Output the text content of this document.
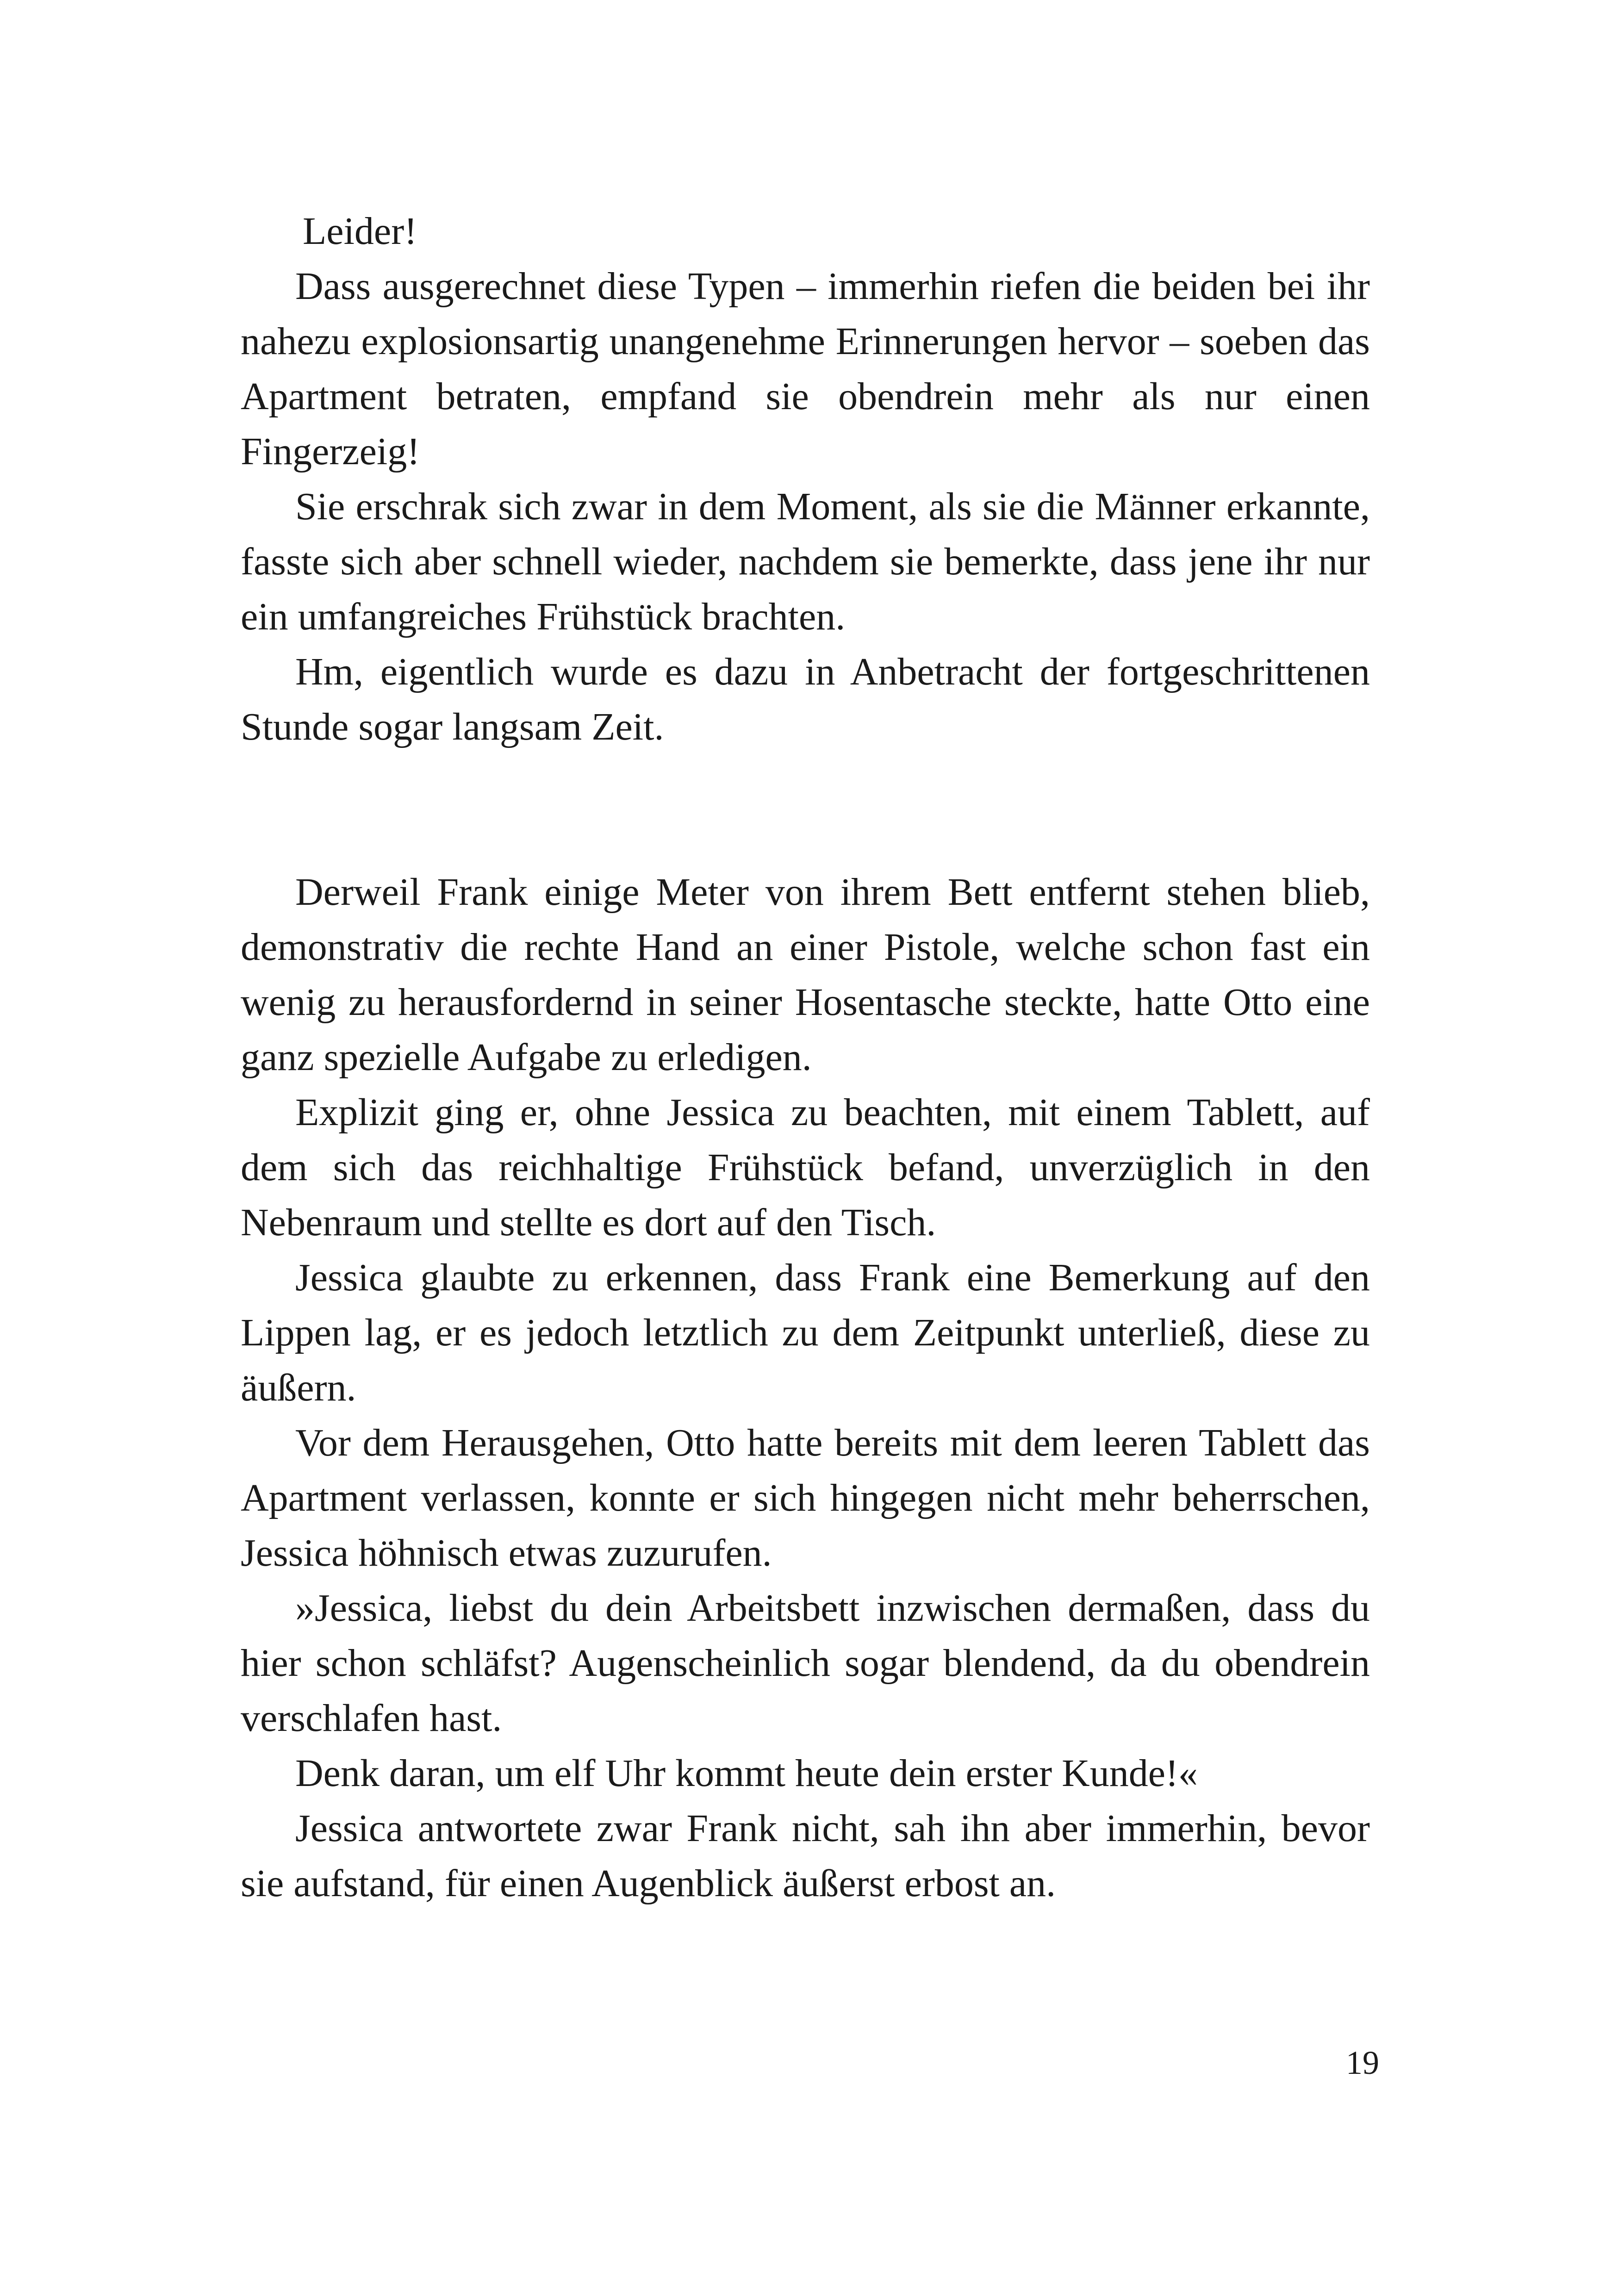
Leider!

Dass ausgerechnet diese Typen – immerhin riefen die beiden bei ihr nahezu explosionsartig unangenehme Erinnerungen hervor – soeben das Apartment betraten, empfand sie obendrein mehr als nur einen Fingerzeig!

Sie erschrak sich zwar in dem Moment, als sie die Männer erkannte, fasste sich aber schnell wieder, nachdem sie bemerkte, dass jene ihr nur ein umfangreiches Frühstück brachten.

Hm, eigentlich wurde es dazu in Anbetracht der fortgeschrittenen Stunde sogar langsam Zeit.

Derweil Frank einige Meter von ihrem Bett entfernt stehen blieb, demonstrativ die rechte Hand an einer Pistole, welche schon fast ein wenig zu herausfordernd in seiner Hosentasche steckte, hatte Otto eine ganz spezielle Aufgabe zu erledigen.

Explizit ging er, ohne Jessica zu beachten, mit einem Tablett, auf dem sich das reichhaltige Frühstück befand, unverzüglich in den Nebenraum und stellte es dort auf den Tisch.

Jessica glaubte zu erkennen, dass Frank eine Bemerkung auf den Lippen lag, er es jedoch letztlich zu dem Zeitpunkt unterließ, diese zu äußern.

Vor dem Herausgehen, Otto hatte bereits mit dem leeren Tablett das Apartment verlassen, konnte er sich hingegen nicht mehr beherrschen, Jessica höhnisch etwas zuzurufen.

»Jessica, liebst du dein Arbeitsbett inzwischen dermaßen, dass du hier schon schläfst? Augenscheinlich sogar blendend, da du obendrein verschlafen hast.

Denk daran, um elf Uhr kommt heute dein erster Kunde!«

Jessica antwortete zwar Frank nicht, sah ihn aber immerhin, bevor sie aufstand, für einen Augenblick äußerst erbost an.

19
